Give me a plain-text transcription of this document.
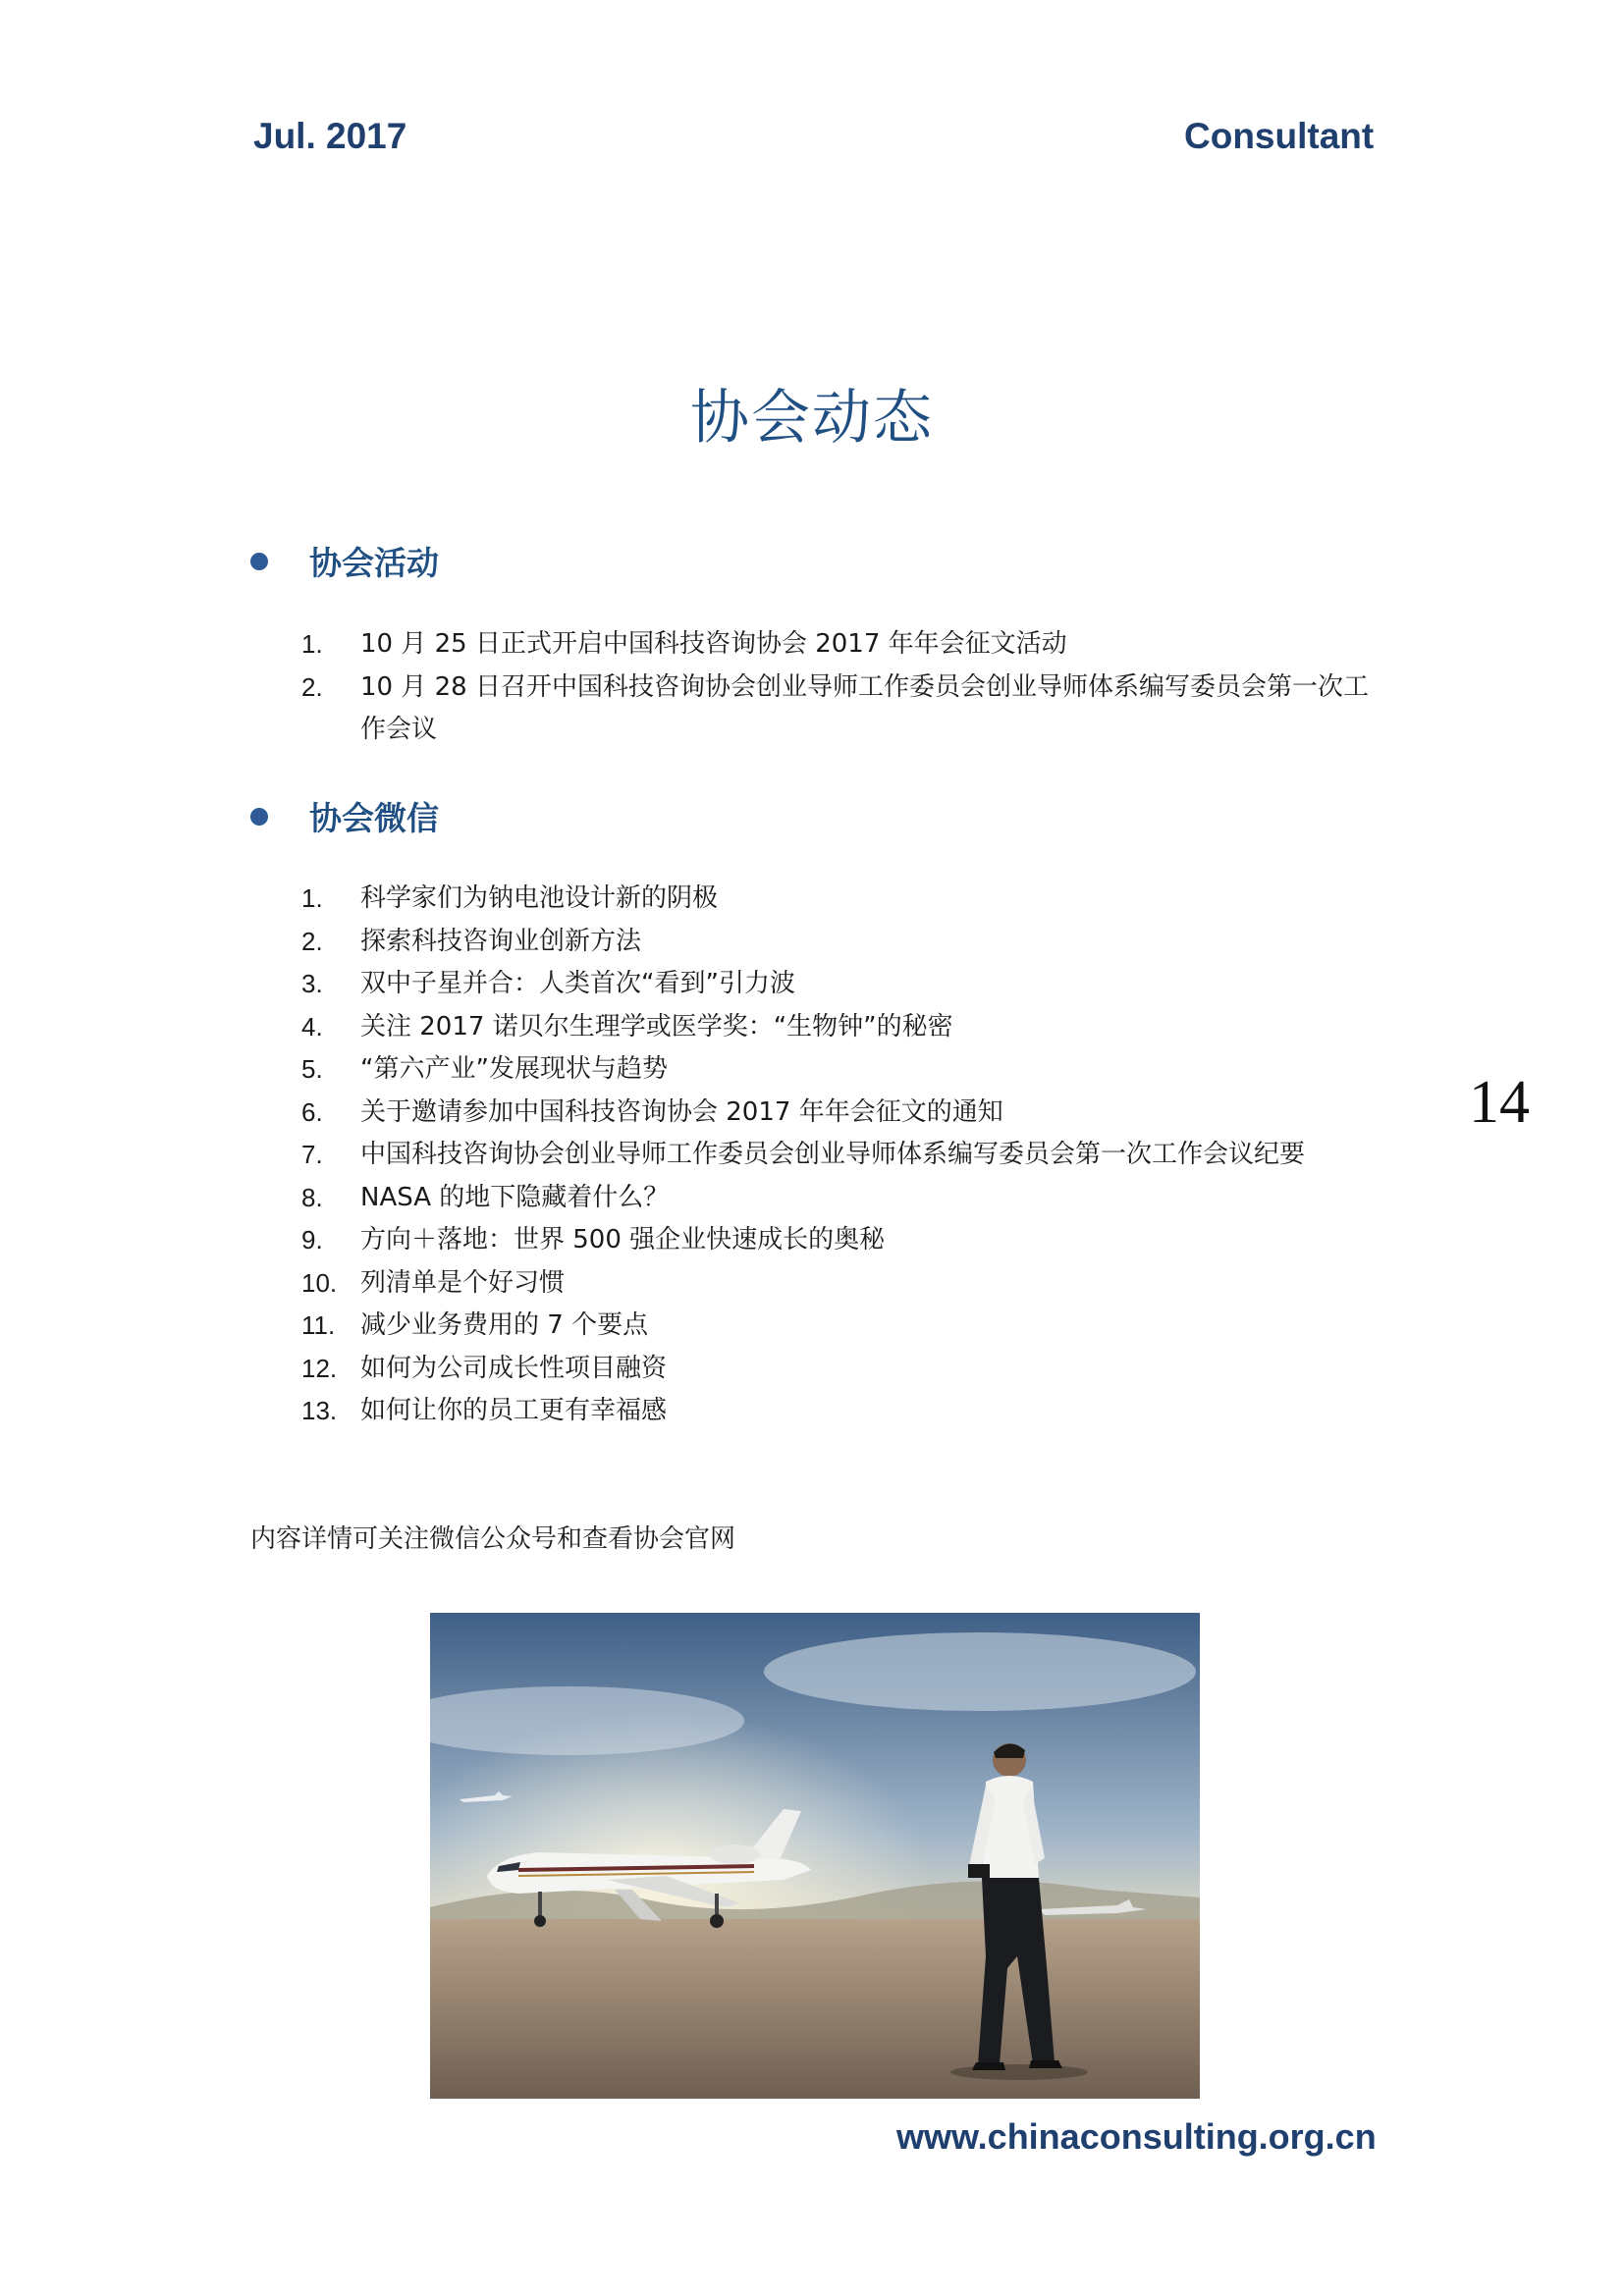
Jul. 2017	Consultant
协会动态
协会活动
1.	10 月 25 日正式开启中国科技咨询协会 2017 年年会征文活动
2.	10 月 28 日召开中国科技咨询协会创业导师工作委员会创业导师体系编写委员会第一次工作会议
协会微信
1.	科学家们为钠电池设计新的阴极
2.	探索科技咨询业创新方法
3.	双中子星并合：人类首次“看到”引力波
4.	关注 2017 诺贝尔生理学或医学奖：“生物钟”的秘密
5.	“第六产业”发展现状与趋势
6.	关于邀请参加中国科技咨询协会 2017 年年会征文的通知
7.	中国科技咨询协会创业导师工作委员会创业导师体系编写委员会第一次工作会议纪要
8.	NASA 的地下隐藏着什么？
9.	方向＋落地：世界 500 强企业快速成长的奥秘
10. 列清单是个好习惯
11. 减少业务费用的 7 个要点
12. 如何为公司成长性项目融资
13. 如何让你的员工更有幸福感
14
内容详情可关注微信公众号和查看协会官网
www.chinaconsulting.org.cn
